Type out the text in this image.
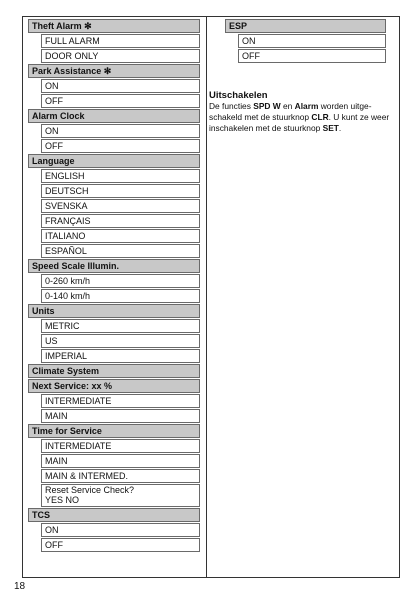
Theft Alarm ✻
FULL ALARM
DOOR ONLY
Park Assistance ✻
ON
OFF
Alarm Clock
ON
OFF
Language
ENGLISH
DEUTSCH
SVENSKA
FRANÇAIS
ITALIANO
ESPAÑOL
Speed Scale Illumin.
0-260 km/h
0-140 km/h
Units
METRIC
US
IMPERIAL
Climate System
Next Service: xx %
INTERMEDIATE
MAIN
Time for Service
INTERMEDIATE
MAIN
MAIN & INTERMED.
Reset Service Check?
YES NO
TCS
ON
OFF
ESP
ON
OFF
Uitschakelen
De functies SPD W en Alarm worden uitge-schakeld met de stuurknop CLR. U kunt ze weer inschakelen met de stuurknop SET.
18
